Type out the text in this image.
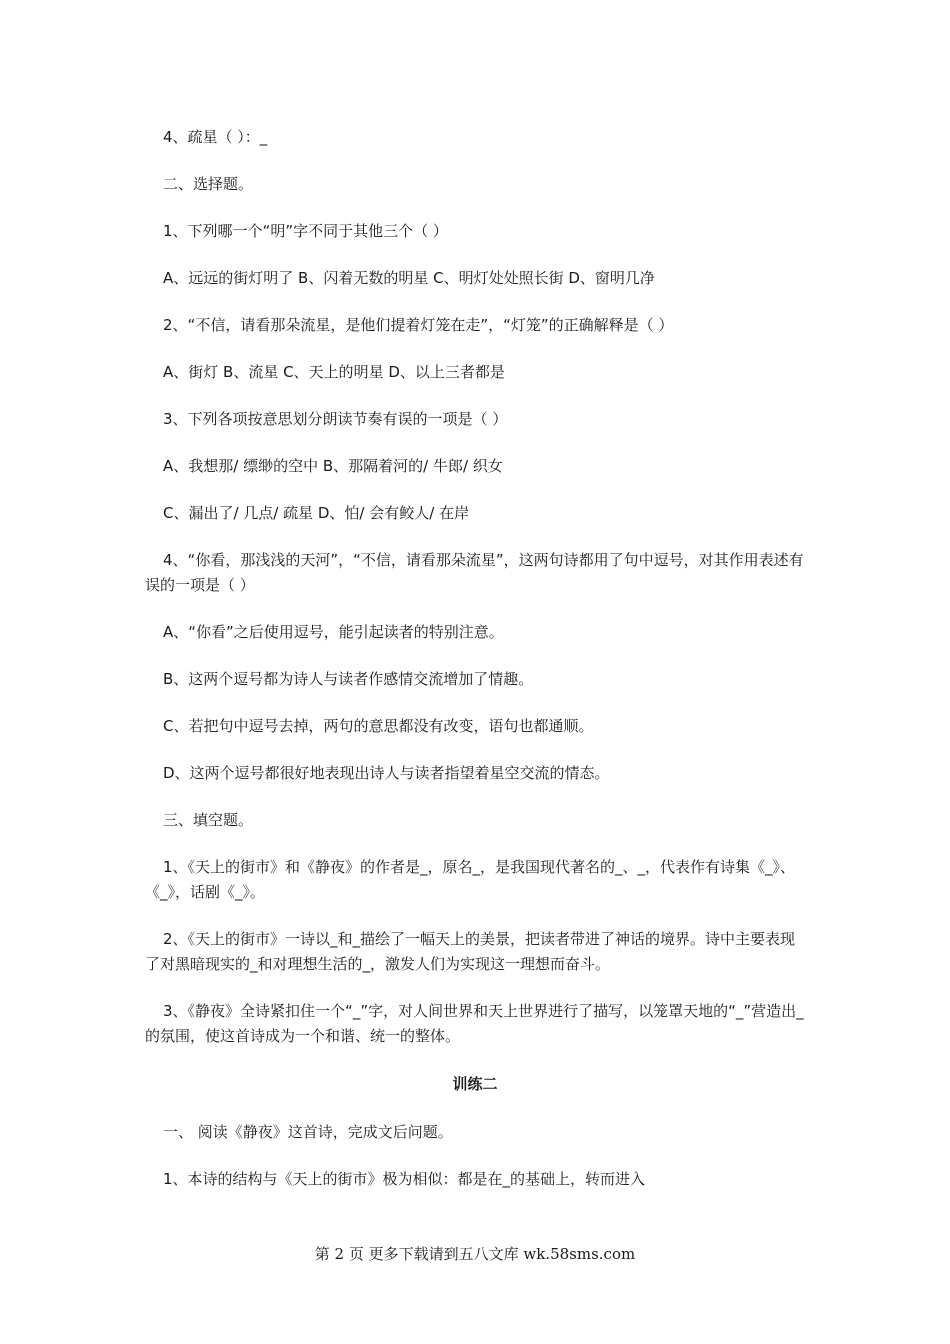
4、疏星（ ）：_

二、选择题。

1、下列哪一个“明”字不同于其他三个（ ）

A、远远的街灯明了 B、闪着无数的明星 C、明灯处处照长街 D、窗明几净

2、“不信，请看那朵流星，是他们提着灯笼在走”，“灯笼”的正确解释是（ ）

A、街灯 B、流星 C、天上的明星 D、以上三者都是

3、下列各项按意思划分朗读节奏有误的一项是（ ）

A、我想那/ 缥缈的空中 B、那隔着河的/ 牛郎/ 织女

C、漏出了/ 几点/ 疏星 D、怕/ 会有鲛人/ 在岸

4、“你看，那浅浅的天河”，“不信，请看那朵流星”，这两句诗都用了句中逗号，对其作用表述有误的一项是（ ）

A、“你看”之后使用逗号，能引起读者的特别注意。

B、这两个逗号都为诗人与读者作感情交流增加了情趣。

C、若把句中逗号去掉，两句的意思都没有改变，语句也都通顺。

D、这两个逗号都很好地表现出诗人与读者指望着星空交流的情态。

三、填空题。

1、《天上的街市》和《静夜》的作者是_，原名_，是我国现代著名的_、_，代表作有诗集《_》、《_》，话剧《_》。

2、《天上的街市》一诗以_和_描绘了一幅天上的美景，把读者带进了神话的境界。诗中主要表现了对黑暗现实的_和对理想生活的_，激发人们为实现这一理想而奋斗。

3、《静夜》全诗紧扣住一个“_”字，对人间世界和天上世界进行了描写，以笼罩天地的“_”营造出_的氛围，使这首诗成为一个和谐、统一的整体。

训练二

一、 阅读《静夜》这首诗，完成文后问题。

1、本诗的结构与《天上的街市》极为相似：都是在_的基础上，转而进入

第 2 页 更多下载请到五八文库 wk.58sms.com
